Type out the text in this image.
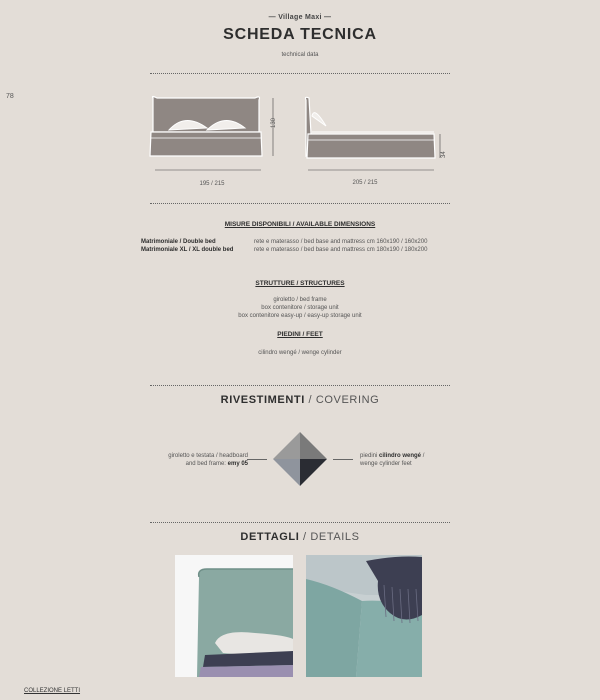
— Village Maxi —
SCHEDA TECNICA
technical data
78
195 / 215
130
205 / 215
34
MISURE DISPONIBILI / AVAILABLE DIMENSIONS
Matrimoniale / Double bed	rete e materasso / bed base and mattress cm 160x190 / 160x200
Matrimoniale XL / XL double bed	rete e materasso / bed base and mattress cm 180x190 / 180x200
STRUTTURE / STRUCTURES
giroletto / bed frame
box contenitore / storage unit
box contenitore easy-up / easy-up storage unit
PIEDINI / FEET
cilindro wengé / wenge cylinder
RIVESTIMENTI / COVERING
giroletto e testata / headboard
and bed frame: emy 05
piedini cilindro wengé /
wenge cylinder feet
DETTAGLI / DETAILS
COLLEZIONE LETTI
